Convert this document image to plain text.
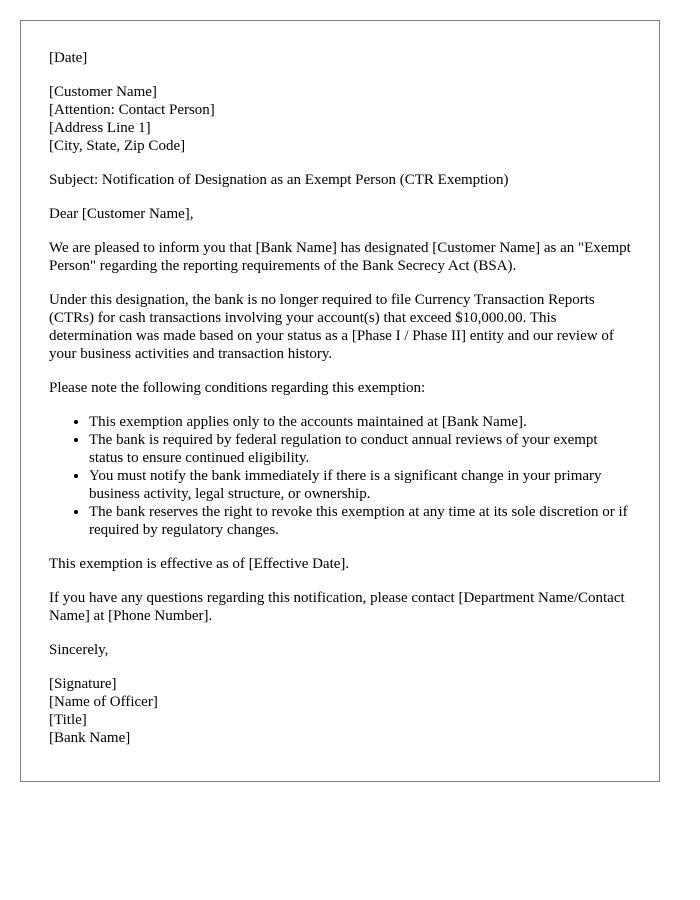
[Date]

[Customer Name]
[Attention: Contact Person]
[Address Line 1]
[City, State, Zip Code]

Subject: Notification of Designation as an Exempt Person (CTR Exemption)

Dear [Customer Name],

We are pleased to inform you that [Bank Name] has designated [Customer Name] as an "Exempt Person" regarding the reporting requirements of the Bank Secrecy Act (BSA).

Under this designation, the bank is no longer required to file Currency Transaction Reports (CTRs) for cash transactions involving your account(s) that exceed $10,000.00. This determination was made based on your status as a [Phase I / Phase II] entity and our review of your business activities and transaction history.

Please note the following conditions regarding this exemption:

• This exemption applies only to the accounts maintained at [Bank Name].
• The bank is required by federal regulation to conduct annual reviews of your exempt status to ensure continued eligibility.
• You must notify the bank immediately if there is a significant change in your primary business activity, legal structure, or ownership.
• The bank reserves the right to revoke this exemption at any time at its sole discretion or if required by regulatory changes.

This exemption is effective as of [Effective Date].

If you have any questions regarding this notification, please contact [Department Name/Contact Name] at [Phone Number].

Sincerely,

[Signature]
[Name of Officer]
[Title]
[Bank Name]
